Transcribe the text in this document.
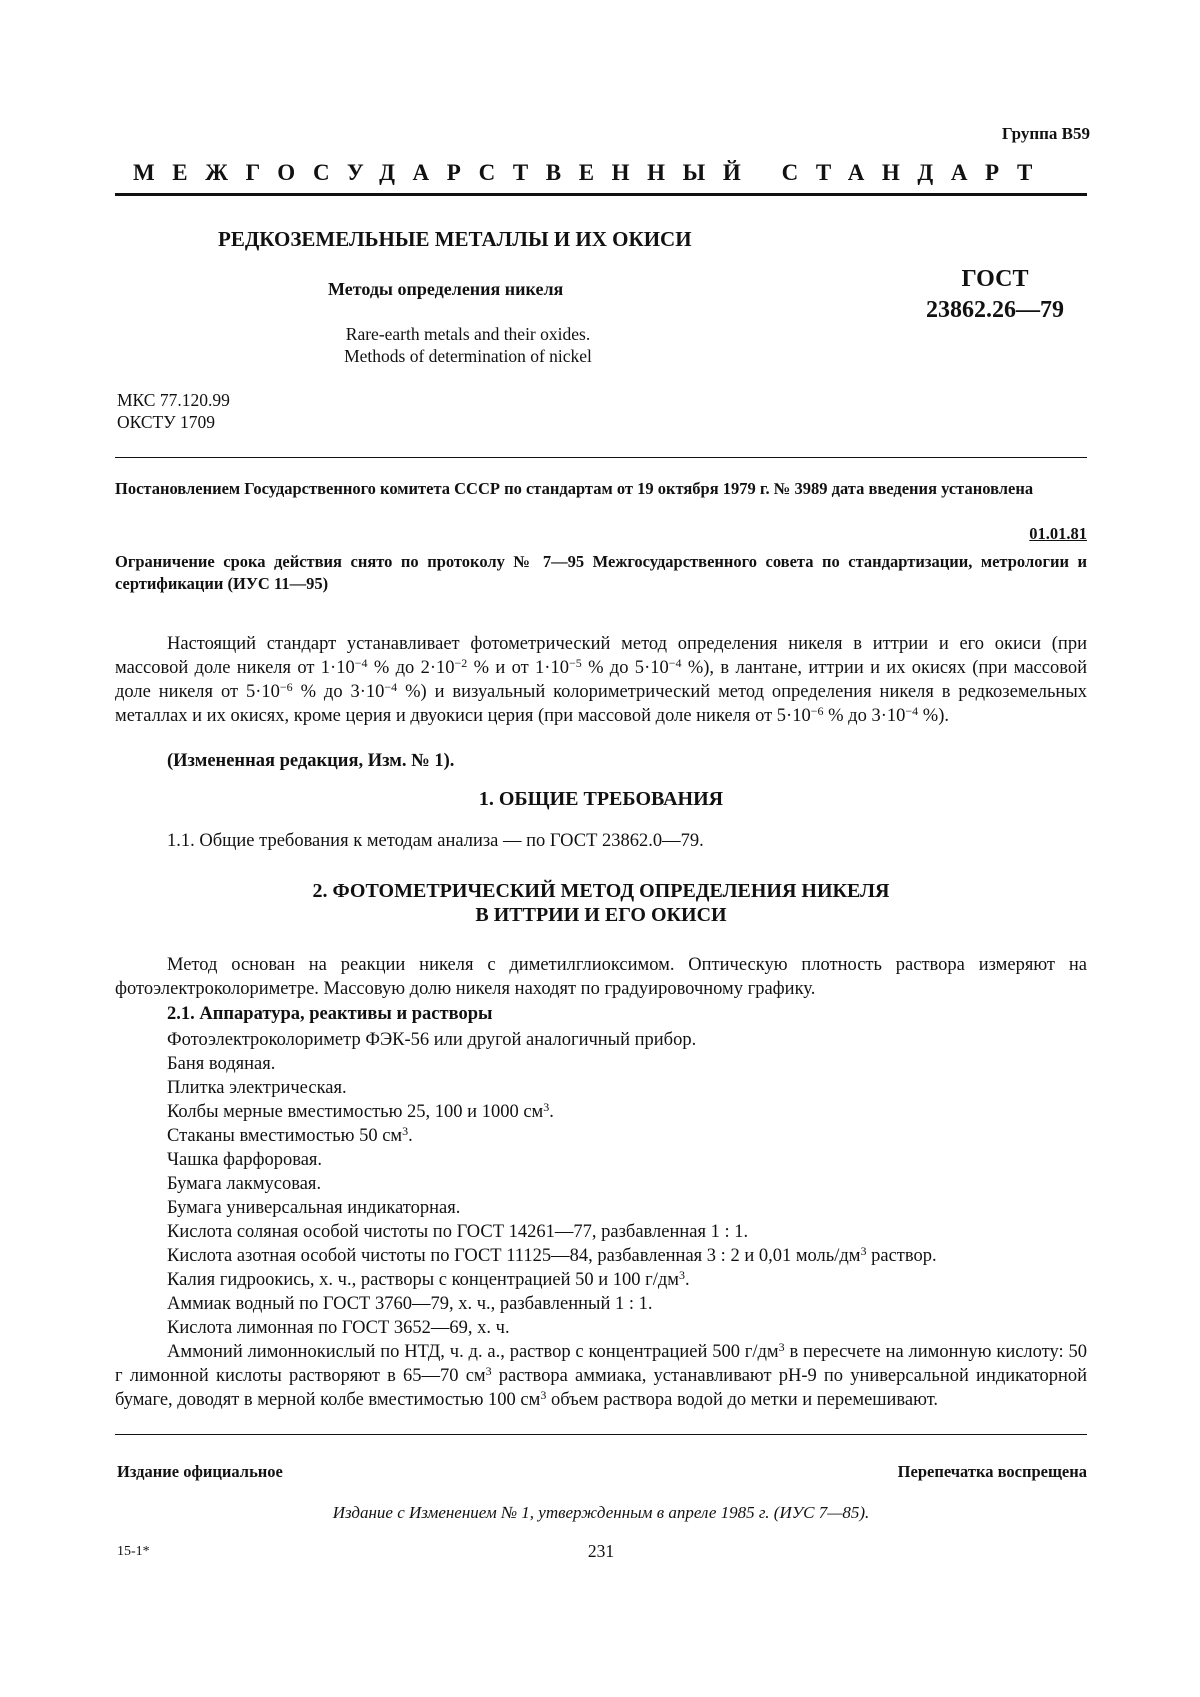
Группа В59
МЕЖГОСУДАРСТВЕННЫЙ СТАНДАРТ
РЕДКОЗЕМЕЛЬНЫЕ МЕТАЛЛЫ И ИХ ОКИСИ
Методы определения никеля
Rare-earth metals and their oxides.
Methods of determination of nickel
ГОСТ
23862.26—79
МКС 77.120.99
ОКСТУ 1709
Постановлением Государственного комитета СССР по стандартам от 19 октября 1979 г. № 3989 дата введения установлена
01.01.81
Ограничение срока действия снято по протоколу № 7—95 Межгосударственного совета по стандартизации, метрологии и сертификации (ИУС 11—95)
Настоящий стандарт устанавливает фотометрический метод определения никеля в иттрии и его окиси (при массовой доле никеля от $1\cdot 10^{-4}$ % до $2\cdot 10^{-2}$ % и от $1\cdot 10^{-5}$ % до $5\cdot 10^{-4}$ %), в лантане, иттрии и их окисях (при массовой доле никеля от $5\cdot 10^{-6}$ % до $3\cdot 10^{-4}$ %) и визуальный колориметрический метод определения никеля в редкоземельных металлах и их окисях, кроме церия и двуокиси церия (при массовой доле никеля от $5\cdot 10^{-6}$ % до $3\cdot 10^{-4}$ %).
(Измененная редакция, Изм. № 1).
1. ОБЩИЕ ТРЕБОВАНИЯ
1.1. Общие требования к методам анализа — по ГОСТ 23862.0—79.
2. ФОТОМЕТРИЧЕСКИЙ МЕТОД ОПРЕДЕЛЕНИЯ НИКЕЛЯ
В ИТТРИИ И ЕГО ОКИСИ
Метод основан на реакции никеля с диметилглиоксимом. Оптическую плотность раствора измеряют на фотоэлектроколориметре. Массовую долю никеля находят по градуировочному графику.
2.1. Аппаратура, реактивы и растворы
Фотоэлектроколориметр ФЭК-56 или другой аналогичный прибор.
Баня водяная.
Плитка электрическая.
Колбы мерные вместимостью 25, 100 и 1000 $см^3$.
Стаканы вместимостью 50 $см^3$.
Чашка фарфоровая.
Бумага лакмусовая.
Бумага универсальная индикаторная.
Кислота соляная особой чистоты по ГОСТ 14261—77, разбавленная 1 : 1.
Кислота азотная особой чистоты по ГОСТ 11125—84, разбавленная 3 : 2 и 0,01 моль/$дм^3$ раствор.
Калия гидроокись, х. ч., растворы с концентрацией 50 и 100 $г/дм^3$.
Аммиак водный по ГОСТ 3760—79, х. ч., разбавленный 1 : 1.
Кислота лимонная по ГОСТ 3652—69, х. ч.
Аммоний лимоннокислый по НТД, ч. д. а., раствор с концентрацией 500 $г/дм^3$ в пересчете на лимонную кислоту: 50 г лимонной кислоты растворяют в 65—70 $см^3$ раствора аммиака, устанавливают pH-9 по универсальной индикаторной бумаге, доводят в мерной колбе вместимостью 100 $см^3$ объем раствора водой до метки и перемешивают.
Издание официальное	Перепечатка воспрещена
Издание с Изменением № 1, утвержденным в апреле 1985 г. (ИУС 7—85).
15-1*	231
